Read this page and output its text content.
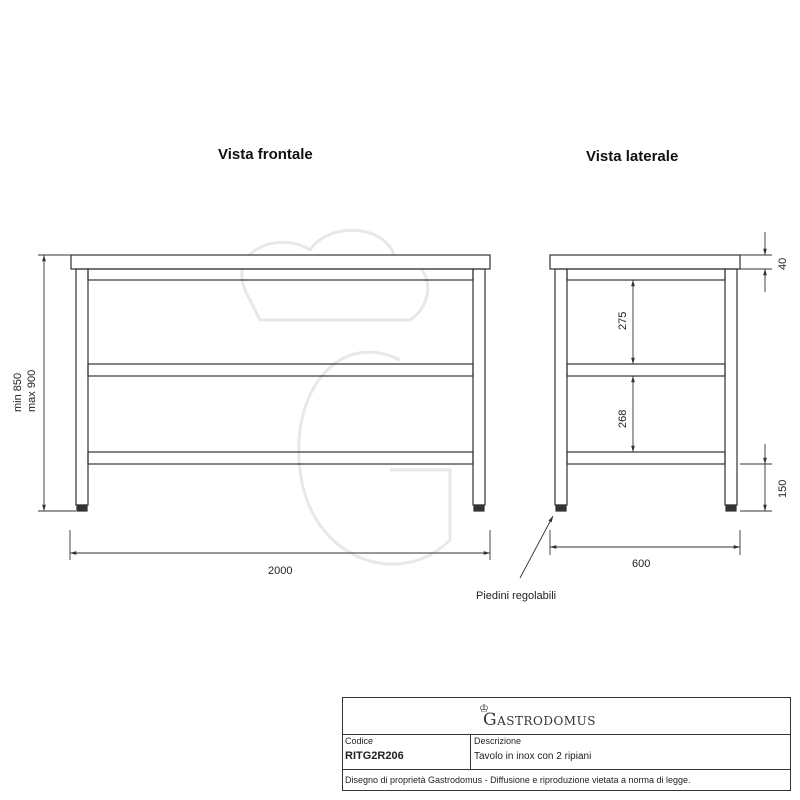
Vista frontale	Vista laterale
min 850 max 900
2000
275
268
40
150
600
Piedini regolabili
♔
Gastrodomus
Codice	Descrizione
RITG2R206	Tavolo in inox con 2 ripiani
Disegno di proprietà Gastrodomus - Diffusione e riproduzione vietata a norma di legge.
